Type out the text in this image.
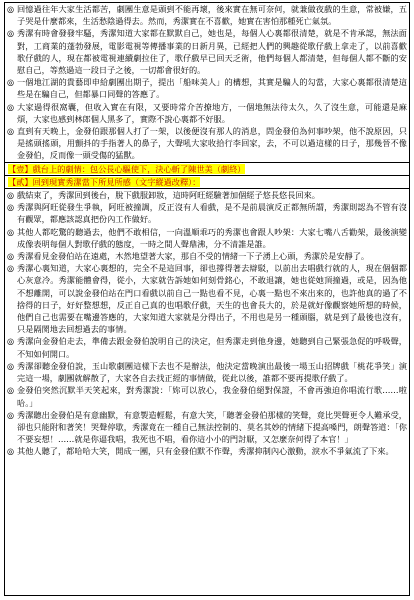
◎ 回憶過往年大家生活都苦，劇團生意是頭到不能再壞，後來實在無可奈何，就兼做夜戲的生意，常被嫌，五子哭是什麼都來，生活愁陰過得去。然而，秀潔實在不喜歡，她實在害怕那種死亡氣氛。
◎ 秀潔有時會發發牢騷，秀潔知道大家都在默默自己，她也是，每個人心裏都很清楚，就是不肯承認，無法面對，工商業的蓬勃發展，電影電視等傳播事業的日新月異，已經把人們的興趣從歌仔戲上拿走了，以前喜歡歌仔戲的人，現在都被電視連續劇拉住了，歌仔戲早已回天乏術，他們每個人都清楚，但每個人都不斷的安慰自己，等熬過這一段日子之後，一切都會很好的。
◎ 一個地江湖的貴藝即申給劇團出期子，提出「船味美人」的構想，其實是騙人的勾當，大家心裏都很清楚這些是在騙自己，但都暴口同聲的答應了。
◎ 大家過得很窩囊，但收入實在有限，又要時常介苦撩地方，一個地無法待太久，久了沒生意，可能還是麻煩，大家也感到林郎個人黑多了，實際不說心裏都不好服。
◎ 直到有天晚上，金發伯跟那個人打了一架，以後便沒有那人的消息，問金發伯為何事吵架，他不說原因，只是搖頭搖頭，用顫抖的手指著人的鼻子，大聲吼大家收拾行李回家，去，不可以過這樣的日子，那幾晉不像金發伯，反而像一頭受傷的猛獸。
【壹】戲台上的劇情：包公長心驅使下，決心斬了陳世美（劇終）
【貳】回到現實秀潔當下所見所感（文字縱過改釋）：
◎ 戲結束了，秀潔回到後台，脫下戲服卸妝，這時阿旺經驗著加個經子悠長悠長回來。
◎ 秀潔與阿旺從發生爭執，阿旺被撞調，反正沒有人看戲，是不是前晨演反正都無所謂，秀潔則認為不管有沒有觀眾，都應該認真把份內工作做好。
◎ 其他人都吃驚的聽過去，他們不敢相信，一向溫順乖巧的秀潔也會跟人吵架：大家七嘴八舌勸架，最後演變成像表明每個人對歌仔戲的態度，一時之間人聲鼎沸，分不清誰是誰。
◎ 秀潔看見金發伯站在遠處，木然地望著大家，那自不受的情緒一下子湧上心頭，秀潔於是安靜了。
◎ 秀潔心裏知道，大家心裏想的，完全不是這回事，卻也撐得著去辯駁，以前出去唱戲行就的人，現在個個都心灰意冷。秀潔能體會得，從小，大家就告訴她如何刻骨銘心，不敢退讓，她也從她頂撞過，或是，因為他不想離開，可以說金發伯站在門口看戲以前自己一點也看不見，心裏一點也不來出來的，也許他真的過了不捨得的日子，好好整想想，反正自己真的也唱歌仔戲，天生的也會長大的，於是就好像觀察她所想的時候，他們自己也需要在嘴邊答應的，大家知道大家就是分得出子，不用也是另一種頭腦，就是到了最後也沒有，只是隔閡地去回想過去的事情。
◎ 秀潔向金發伯走去，準備去跟金發伯說明自己的決定，但秀潔走到他身邊，她聽到自己緊張急促的呼吸聲，不知如何開口。
◎ 秀潔卻聽金發伯說，玉山歌劇團這樣下去也不是辦法，他決定當晚演出最後一場玉山招牌戲「桃花爭笑」演完這一場，劇團就解散了，大家各自去找正經的事情做，從此以後，誰都不要再提歌仔戲了。
◎ 金發伯突然沉默半天笑起來，對秀潔說：「妳可以放心，我金發伯絕對保證，不會再強迫你唱流行歌……啦哈。」
◎ 秀潔聽出金發伯是有意幽默，有意製造輕鬆，有意大笑，「聽著金發伯那樣的笑聲，竟比哭聲更令人難承受，卻也只能附和著笑！哭聲停歇，秀潔竟在一種自己無法控制的、莫名其妙的情緒下提高嗓門，朗聲答道：「你不要妄想！……就是你逼我唱，我死也不唱，看你這小小的門討厭，又怎麼奈何得了本官！」
◎ 其他人聽了，都哈哈大笑，開成一團，只有金發伯默不作聲，秀潔抑制內心激動，淚水不爭氣流了下來。
